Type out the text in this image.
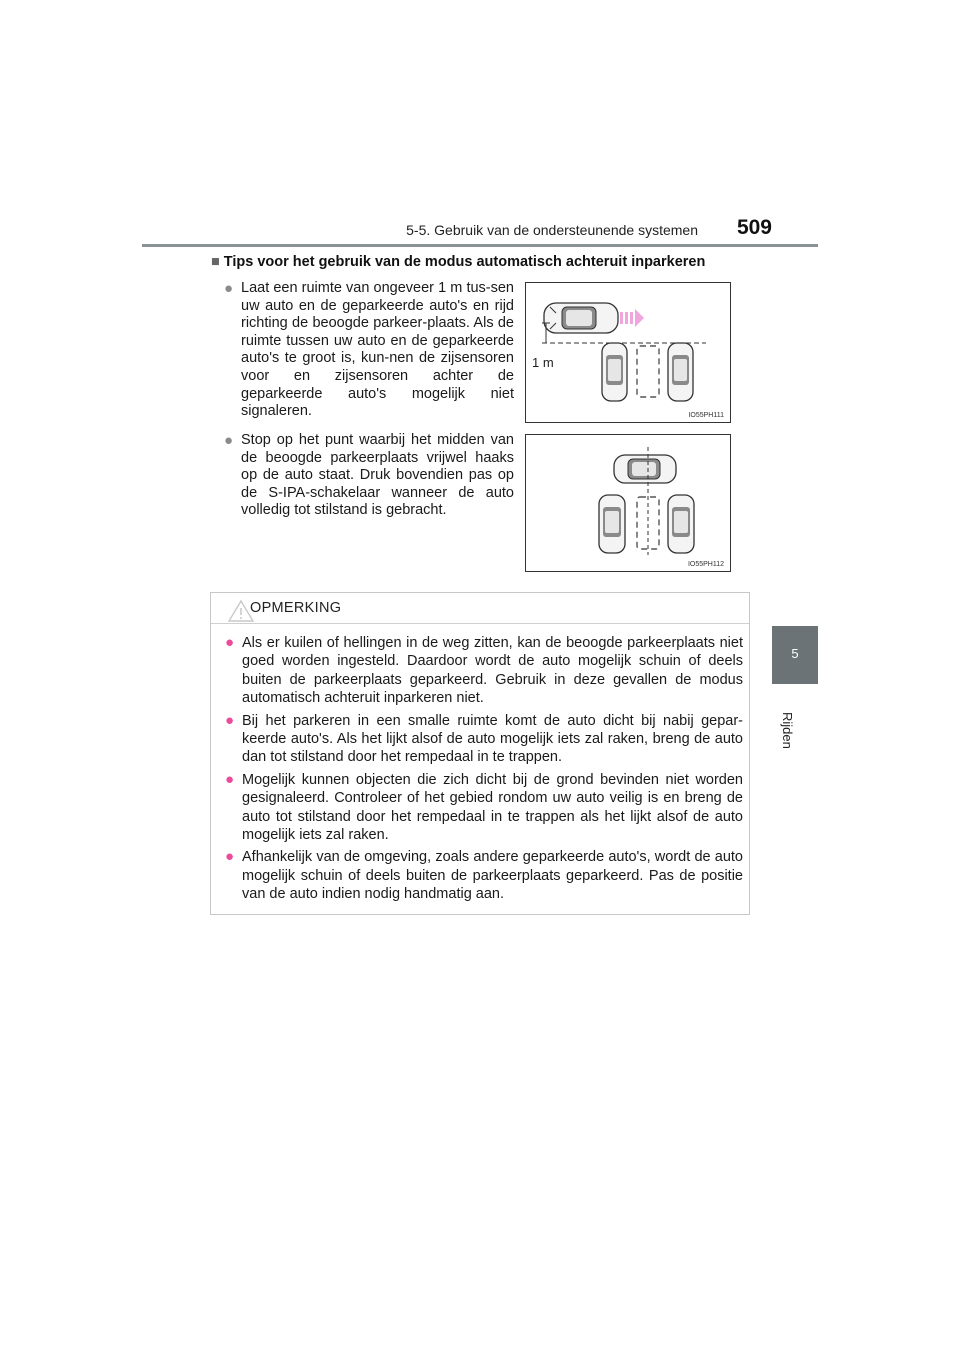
5-5. Gebruik van de ondersteunende systemen 509
5
Rijden
■ Tips voor het gebruik van de modus automatisch achteruit inparkeren
● Laat een ruimte van ongeveer 1 m tus-sen uw auto en de geparkeerde auto's en rijd richting de beoogde parkeer-plaats. Als de ruimte tussen uw auto en de geparkeerde auto's te groot is, kun-nen de zijsensoren voor en zijsensoren achter de geparkeerde auto's mogelijk niet signaleren.
● Stop op het punt waarbij het midden van de beoogde parkeerplaats vrijwel haaks op de auto staat. Druk bovendien pas op de S-IPA-schakelaar wanneer de auto volledig tot stilstand is gebracht.
1 m
IO55PH111
IO55PH112
OPMERKING
● Als er kuilen of hellingen in de weg zitten, kan de beoogde parkeerplaats niet goed worden ingesteld. Daardoor wordt de auto mogelijk schuin of deels buiten de parkeerplaats geparkeerd. Gebruik in deze gevallen de modus automatisch achteruit inparkeren niet.
● Bij het parkeren in een smalle ruimte komt de auto dicht bij nabij gepar-keerde auto's. Als het lijkt alsof de auto mogelijk iets zal raken, breng de auto dan tot stilstand door het rempedaal in te trappen.
● Mogelijk kunnen objecten die zich dicht bij de grond bevinden niet worden gesignaleerd. Controleer of het gebied rondom uw auto veilig is en breng de auto tot stilstand door het rempedaal in te trappen als het lijkt alsof de auto mogelijk iets zal raken.
● Afhankelijk van de omgeving, zoals andere geparkeerde auto's, wordt de auto mogelijk schuin of deels buiten de parkeerplaats geparkeerd. Pas de positie van de auto indien nodig handmatig aan.
